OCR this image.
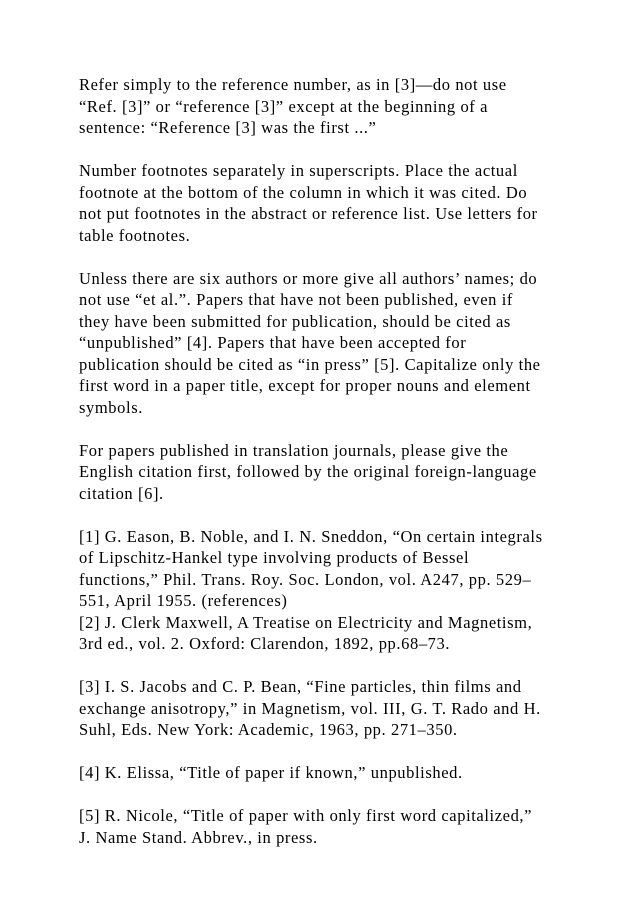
Refer simply to the reference number, as in [3]—do not use
“Ref. [3]” or “reference [3]” except at the beginning of a
sentence: “Reference [3] was the first ...”

Number footnotes separately in superscripts. Place the actual
footnote at the bottom of the column in which it was cited. Do
not put footnotes in the abstract or reference list. Use letters for
table footnotes.

Unless there are six authors or more give all authors’ names; do
not use “et al.”. Papers that have not been published, even if
they have been submitted for publication, should be cited as
“unpublished” [4]. Papers that have been accepted for
publication should be cited as “in press” [5]. Capitalize only the
first word in a paper title, except for proper nouns and element
symbols.

For papers published in translation journals, please give the
English citation first, followed by the original foreign-language
citation [6].

[1] G. Eason, B. Noble, and I. N. Sneddon, “On certain integrals
of Lipschitz-Hankel type involving products of Bessel
functions,” Phil. Trans. Roy. Soc. London, vol. A247, pp. 529–
551, April 1955. (references)
[2] J. Clerk Maxwell, A Treatise on Electricity and Magnetism,
3rd ed., vol. 2. Oxford: Clarendon, 1892, pp.68–73.

[3] I. S. Jacobs and C. P. Bean, “Fine particles, thin films and
exchange anisotropy,” in Magnetism, vol. III, G. T. Rado and H.
Suhl, Eds. New York: Academic, 1963, pp. 271–350.

[4] K. Elissa, “Title of paper if known,” unpublished.

[5] R. Nicole, “Title of paper with only first word capitalized,”
J. Name Stand. Abbrev., in press.
